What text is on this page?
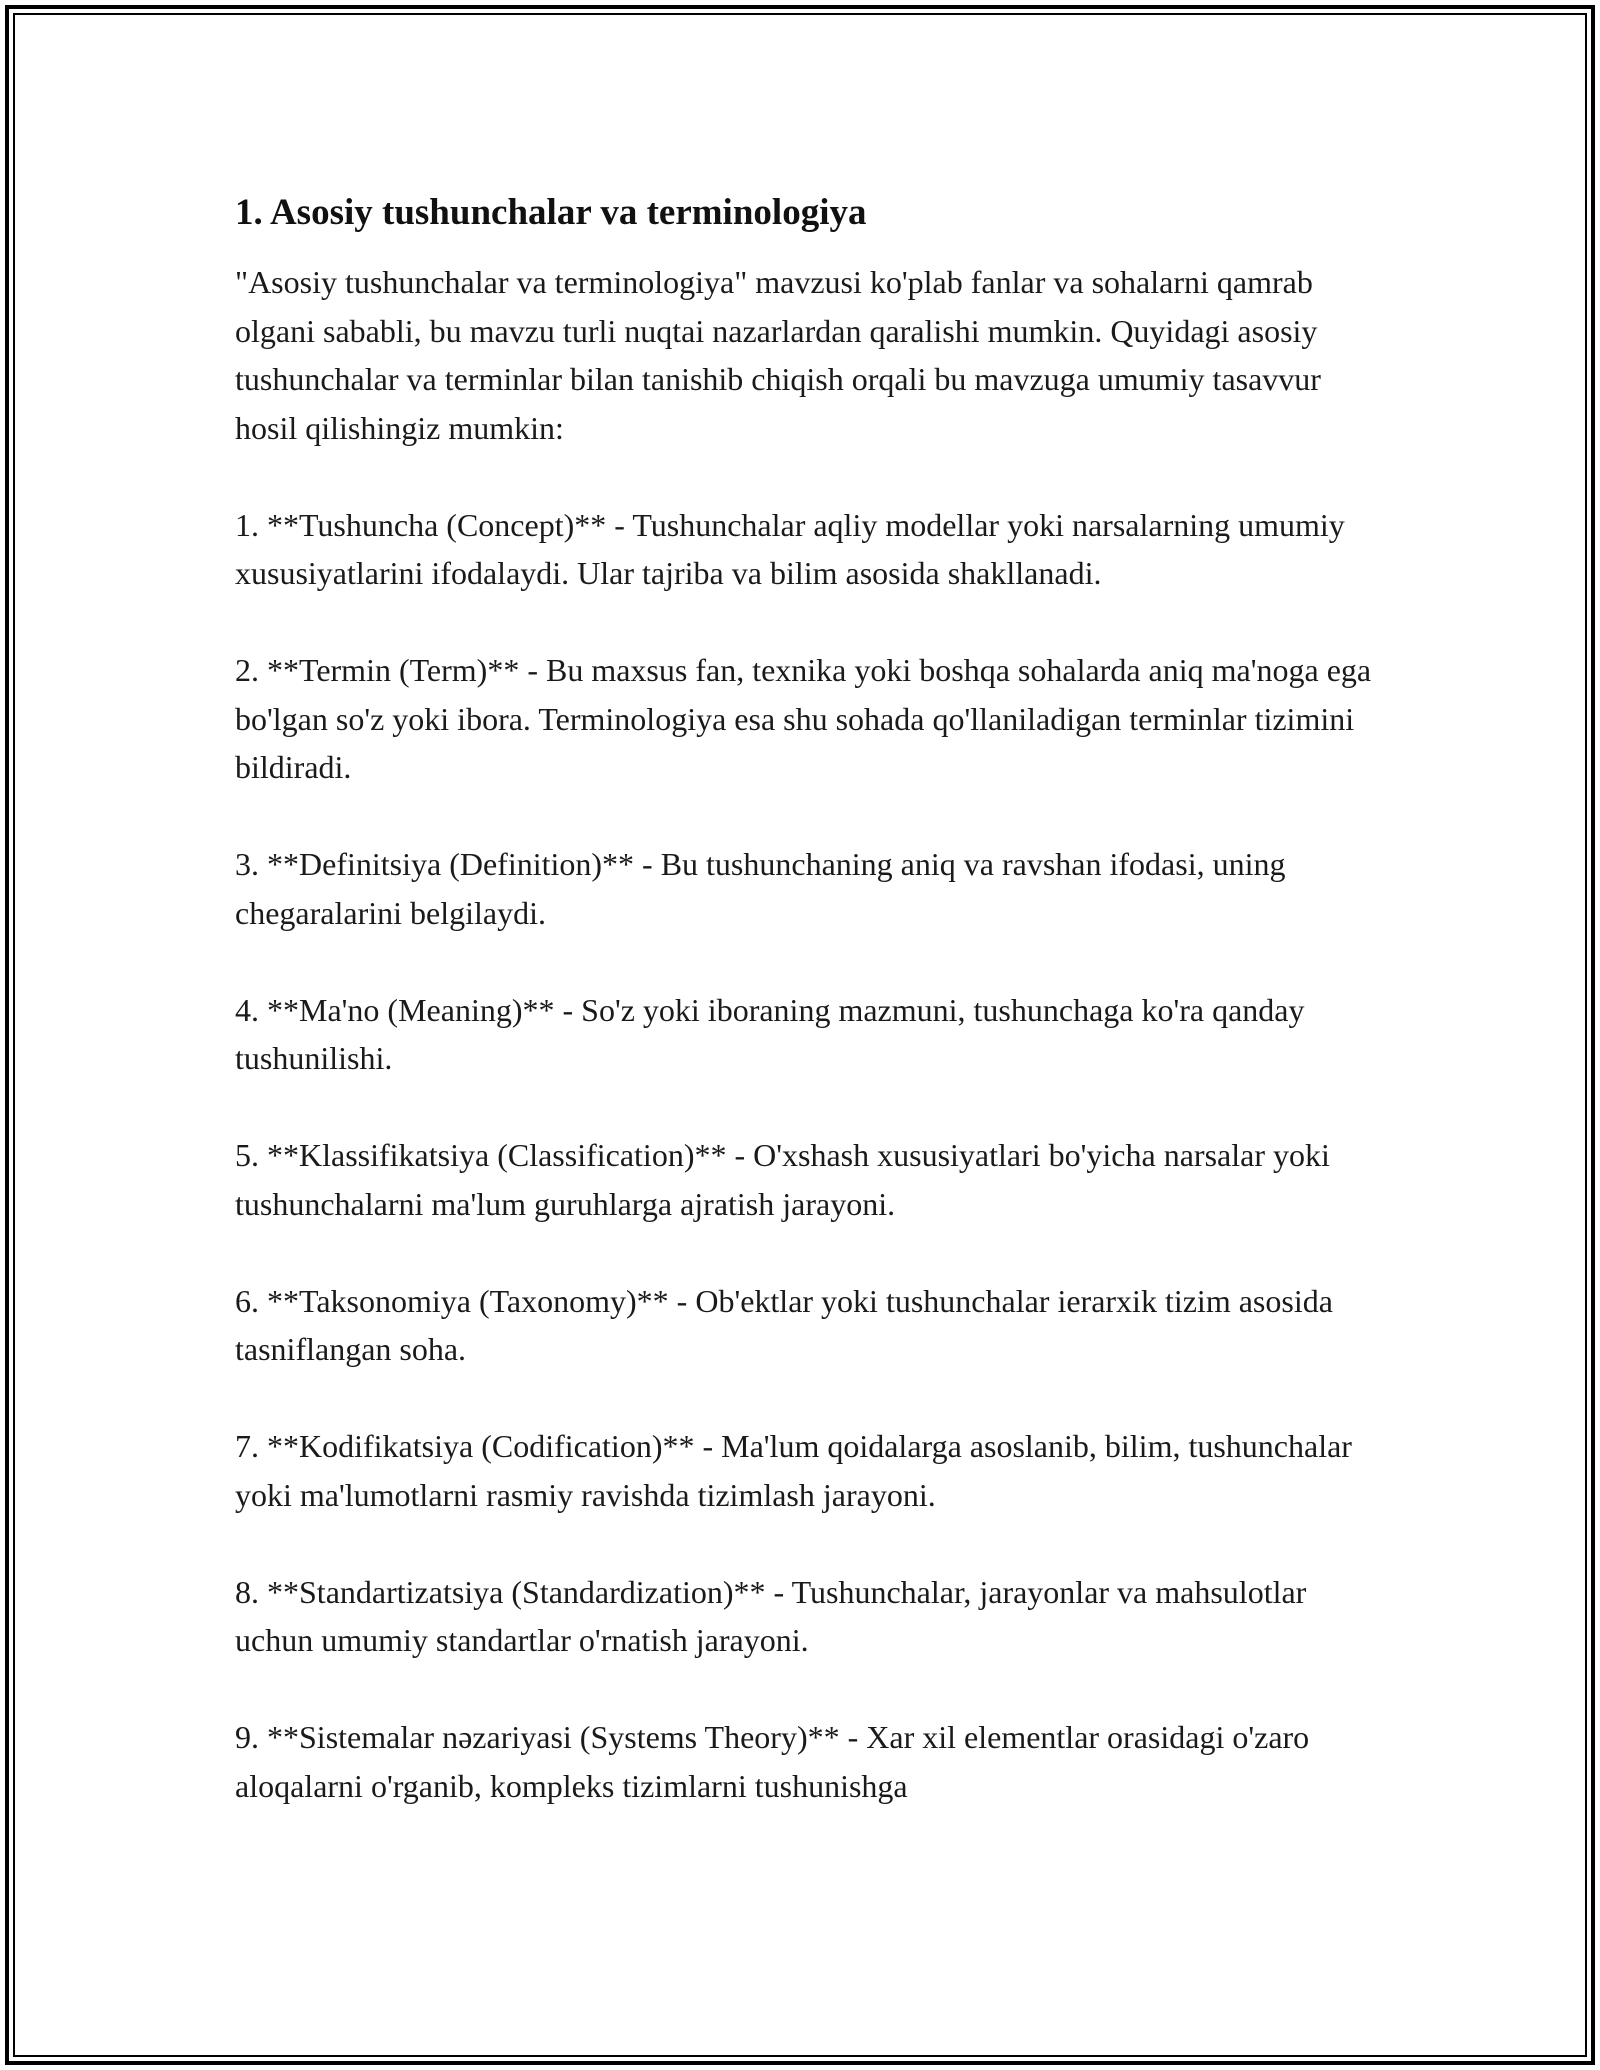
1. Asosiy tushunchalar va terminologiya

"Asosiy tushunchalar va terminologiya" mavzusi ko'plab fanlar va sohalarni qamrab olgani sababli, bu mavzu turli nuqtai nazarlardan qaralishi mumkin. Quyidagi asosiy tushunchalar va terminlar bilan tanishib chiqish orqali bu mavzuga umumiy tasavvur hosil qilishingiz mumkin:

1. **Tushuncha (Concept)** - Tushunchalar aqliy modellar yoki narsalarning umumiy xususiyatlarini ifodalaydi. Ular tajriba va bilim asosida shakllanadi.

2. **Termin (Term)** - Bu maxsus fan, texnika yoki boshqa sohalarda aniq ma'noga ega bo'lgan so'z yoki ibora. Terminologiya esa shu sohada qo'llaniladigan terminlar tizimini bildiradi.

3. **Definitsiya (Definition)** - Bu tushunchaning aniq va ravshan ifodasi, uning chegaralarini belgilaydi.

4. **Ma'no (Meaning)** - So'z yoki iboraning mazmuni, tushunchaga ko'ra qanday tushunilishi.

5. **Klassifikatsiya (Classification)** - O'xshash xususiyatlari bo'yicha narsalar yoki tushunchalarni ma'lum guruhlarga ajratish jarayoni.

6. **Taksonomiya (Taxonomy)** - Ob'ektlar yoki tushunchalar ierarxik tizim asosida tasniflangan soha.

7. **Kodifikatsiya (Codification)** - Ma'lum qoidalarga asoslanib, bilim, tushunchalar yoki ma'lumotlarni rasmiy ravishda tizimlash jarayoni.

8. **Standartizatsiya (Standardization)** - Tushunchalar, jarayonlar va mahsulotlar uchun umumiy standartlar o'rnatish jarayoni.

9. **Sistemalar nəzariyasi (Systems Theory)** - Xar xil elementlar orasidagi o'zaro aloqalarni o'rganib, kompleks tizimlarni tushunishga
